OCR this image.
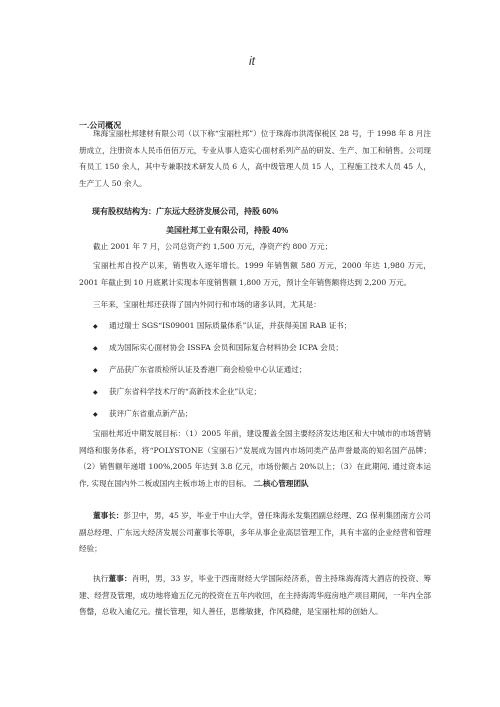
it
一.公司概况
珠海宝丽杜邦建材有限公司（以下称“宝丽杜邦”）位于珠海市洪湾保税区 28 号，于 1998 年 8 月注册成立，注册资本人民币佰佰万元，专业从事人造实心面材系列产品的研发、生产、加工和销售。公司现有员工 150 余人，其中专兼职技术研发人员 6 人，高中级管理人员 15 人，工程施工技术人员 45 人，生产工人 50 余人。
现有股权结构为：广东远大经济发展公司，持股 60%
美国杜邦工业有限公司，持股 40%
截止 2001 年 7 月，公司总资产约 1,500 万元，净资产约 800 万元；
宝丽杜邦自投产以来，销售收入逐年增长。1999 年销售额 580 万元，2000 年达 1,980 万元，2001 年截止到 10 月底累计实现本年度销售额 1,800 万元，预计全年销售额将达到 2,200 万元。
三年来，宝丽杜邦还获得了国内外同行和市场的诸多认同，尤其是：
◆ 通过瑞士 SGS“IS09001 国际质量体系”认证，并获得美国 RAB 证书；
◆ 成为国际实心面材协会 ISSFA 会员和国际复合材料协会 ICPA 会员；
◆ 产品获广东省质检所认证及香港厂商会检验中心认证通过；
◆ 获广东省科学技术厅的“高新技术企业”认定；
◆ 获评广东省重点新产品；
宝丽杜邦近中期发展目标：（1）2005 年前，建设覆盖全国主要经济发达地区和大中城市的市场营销网络和服务体系，将“POLYSTONE（宝丽石）”发展成为国内市场同类产品声誉最高的知名国产品牌；（2）销售额年递增 100%,2005 年达到 3.8 亿元，市场份额占 20%以上；（3）在此期间, 通过资本运作, 实现在国内外二板或国内主板市场上市的目标。 二.核心管理团队
董事长：彭卫中，男，45 岁，毕业于中山大学，曾任珠海永发集团副总经理、ZG 保利集团南方公司副总经理、广东远大经济发展公司董事长等职，多年从事企业高层管理工作，具有丰富的企业经营和管理经验；
执行董事：肖明，男，33 岁，毕业于西南财经大学国际经济系，曾主持珠海海湾大酒店的投资、筹建、经营及管理，成功地将逾五亿元的投资在五年内收回，在主持海湾华庭房地产项目期间，一年内全部售罄，总收入逾亿元。擅长管理，知人善任，思维敏捷，作风稳健，是宝丽杜邦的创始人。
